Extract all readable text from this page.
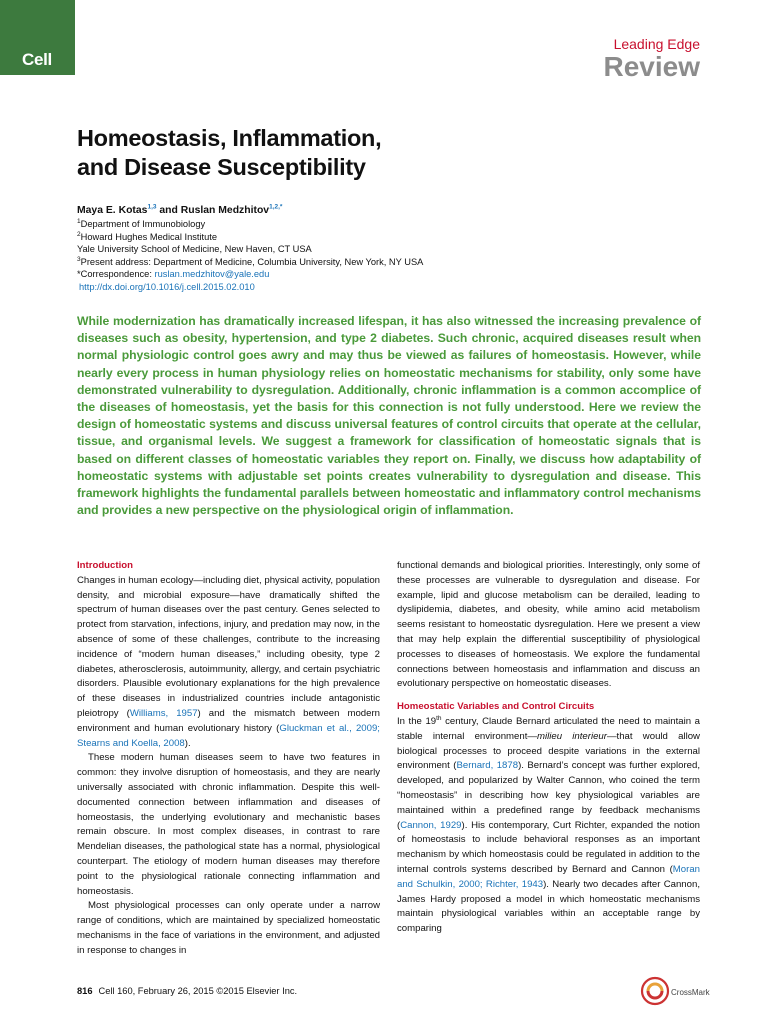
Cell
Leading Edge
Review
Homeostasis, Inflammation,
and Disease Susceptibility
Maya E. Kotas$^{1,3}$ and Ruslan Medzhitov$^{1,2,*}$
$^1$Department of Immunobiology
$^2$Howard Hughes Medical Institute
Yale University School of Medicine, New Haven, CT USA
$^3$Present address: Department of Medicine, Columbia University, New York, NY USA
*Correspondence: ruslan.medzhitov@yale.edu
http://dx.doi.org/10.1016/j.cell.2015.02.010
While modernization has dramatically increased lifespan, it has also witnessed the increasing prevalence of diseases such as obesity, hypertension, and type 2 diabetes. Such chronic, acquired diseases result when normal physiologic control goes awry and may thus be viewed as failures of homeostasis. However, while nearly every process in human physiology relies on homeostatic mechanisms for stability, only some have demonstrated vulnerability to dysregulation. Additionally, chronic inflammation is a common accomplice of the diseases of homeostasis, yet the basis for this connection is not fully understood. Here we review the design of homeostatic systems and discuss universal features of control circuits that operate at the cellular, tissue, and organismal levels. We suggest a framework for classification of homeostatic signals that is based on different classes of homeostatic variables they report on. Finally, we discuss how adaptability of homeostatic systems with adjustable set points creates vulnerability to dysregulation and disease. This framework highlights the fundamental parallels between homeostatic and inflammatory control mechanisms and provides a new perspective on the physiological origin of inflammation.
Introduction

Changes in human ecology—including diet, physical activity, population density, and microbial exposure—have dramatically shifted the spectrum of human diseases over the past century. Genes selected to protect from starvation, infections, injury, and predation may now, in the absence of some of these challenges, contribute to the increasing incidence of “modern human diseases,” including obesity, type 2 diabetes, atherosclerosis, autoimmunity, allergy, and certain psychiatric disorders. Plausible evolutionary explanations for the high prevalence of these diseases in industrialized countries include antagonistic pleiotropy (Williams, 1957) and the mismatch between modern environment and human evolutionary history (Gluckman et al., 2009; Stearns and Koella, 2008).

These modern human diseases seem to have two features in common: they involve disruption of homeostasis, and they are nearly universally associated with chronic inflammation. Despite this well-documented connection between inflammation and diseases of homeostasis, the underlying evolutionary and mechanistic bases remain obscure. In most complex diseases, in contrast to rare Mendelian diseases, the pathological state has a normal, physiological counterpart. The etiology of modern human diseases may therefore point to the physiological rationale connecting inflammation and homeostasis.

Most physiological processes can only operate under a narrow range of conditions, which are maintained by specialized homeostatic mechanisms in the face of variations in the environment, and adjusted in response to changes in

functional demands and biological priorities. Interestingly, only some of these processes are vulnerable to dysregulation and disease. For example, lipid and glucose metabolism can be derailed, leading to dyslipidemia, diabetes, and obesity, while amino acid metabolism seems resistant to homeostatic dysregulation. Here we present a view that may help explain the differential susceptibility of physiological processes to diseases of homeostasis. We explore the fundamental connections between homeostasis and inflammation and discuss an evolutionary perspective on homeostatic diseases.

Homeostatic Variables and Control Circuits

In the 19th century, Claude Bernard articulated the need to maintain a stable internal environment—milieu interieur—that would allow biological processes to proceed despite variations in the external environment (Bernard, 1878). Bernard’s concept was further explored, developed, and popularized by Walter Cannon, who coined the term “homeostasis” in describing how key physiological variables are maintained within a predefined range by feedback mechanisms (Cannon, 1929). His contemporary, Curt Richter, expanded the notion of homeostasis to include behavioral responses as an important mechanism by which homeostasis could be regulated in addition to the internal controls systems described by Bernard and Cannon (Moran and Schulkin, 2000; Richter, 1943). Nearly two decades after Cannon, James Hardy proposed a model in which homeostatic mechanisms maintain physiological variables within an acceptable range by comparing

816 Cell 160, February 26, 2015 ©2015 Elsevier Inc.	CrossMark
